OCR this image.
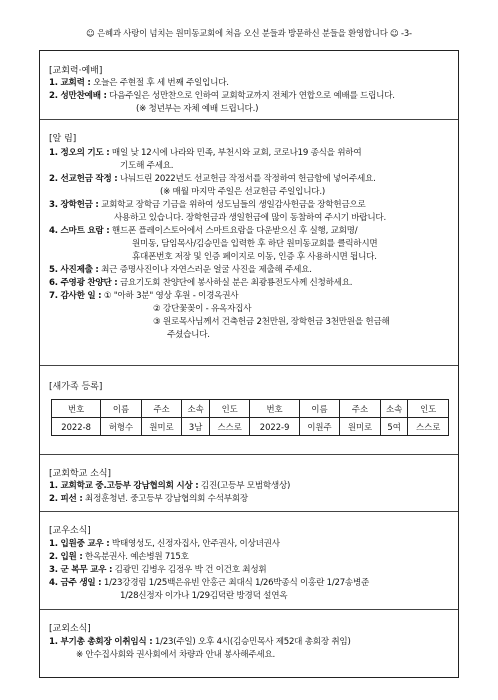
☺ 은혜과 사랑이 넘치는 원미동교회에 처음 오신 분들과 방문하신 분들을 환영합니다 ☺ -3-
[교회력·예배]
1. 교회력 : 오늘은 주현절 후 세 번째 주일입니다.
2. 성만찬예배 : 다음주일은 성만찬으로 인하여 교회학교까지 전체가 연합으로 예배를 드립니다.
(※ 청년부는 자체 예배 드립니다.)
[알 림]
1. 정오의 기도 : 매일 낮 12시에 나라와 민족, 부천시와 교회, 코로나19 종식을 위하여
기도해 주세요.
2. 선교헌금 작정 : 나눠드린 2022년도 선교헌금 작정서를 작정하여 헌금함에 넣어주세요.
(※ 매월 마지막 주일은 선교헌금 주일입니다.)
3. 장학헌금 : 교회학교 장학금 기금을 위하여 성도님들의 생일감사헌금을 장학헌금으로
사용하고 있습니다. 장학헌금과 생일헌금에 많이 동참하여 주시기 바랍니다.
4. 스마트 요람 : 핸드폰 플레이스토어에서 스마트요람을 다운받으신 후 실행, 교회명/
원미동, 담임목사/김승민을 입력한 후 하단 원미동교회를 클릭하시면
휴대폰번호 저장 및 인증 페이지로 이동, 인증 후 사용하시면 됩니다.
5. 사진제출 : 최근 증명사진이나 자연스러운 얼굴 사진을 제출해 주세요.
6. 주영광 찬양단 : 금요기도회 찬양단에 봉사하실 분은 최광룡전도사께 신청하세요.
7. 감사한 일 : ① "아하 3분" 영상 후원 - 이경옥권사
② 강단꽃꽂이 - 유옥자집사
③ 원로목사님께서 건축헌금 2천만원, 장학헌금 3천만원을 헌금해
주셨습니다.
[새가족 등록]
번호	이름	주소	소속	인도	번호	이름	주소	소속	인도
2022-8	허형수	원미로	3남	스스로	2022-9	이원주	원미로	5여	스스로
[교회학교 소식]
1. 교회학교 중.고등부 강남협의회 시상 : 김진(고등부 모범학생상)
2. 피선 : 최정훈청년. 중고등부 강남협의회 수석부회장
[교우소식]
1. 입원중 교우 : 박태영성도, 신정자집사, 안주권사, 이상녀권사
2. 입원 : 한옥분권사. 예손병원 715호
3. 군 복무 교우 : 김광민 김병우 김정우 박 건 이건호 최성휘
4. 금주 생일 : 1/23강경림 1/25백은유빈 안홍근 최대식 1/26박종식 이홍란 1/27송병준
1/28신정자 이가나 1/29김덕란 방경덕 설연옥
[교외소식]
1. 부기총 총회장 이취임식 : 1/23(주일) 오후 4시(김승민목사 제52대 총회장 취임)
※ 안수집사회와 권사회에서 차량과 안내 봉사해주세요.
